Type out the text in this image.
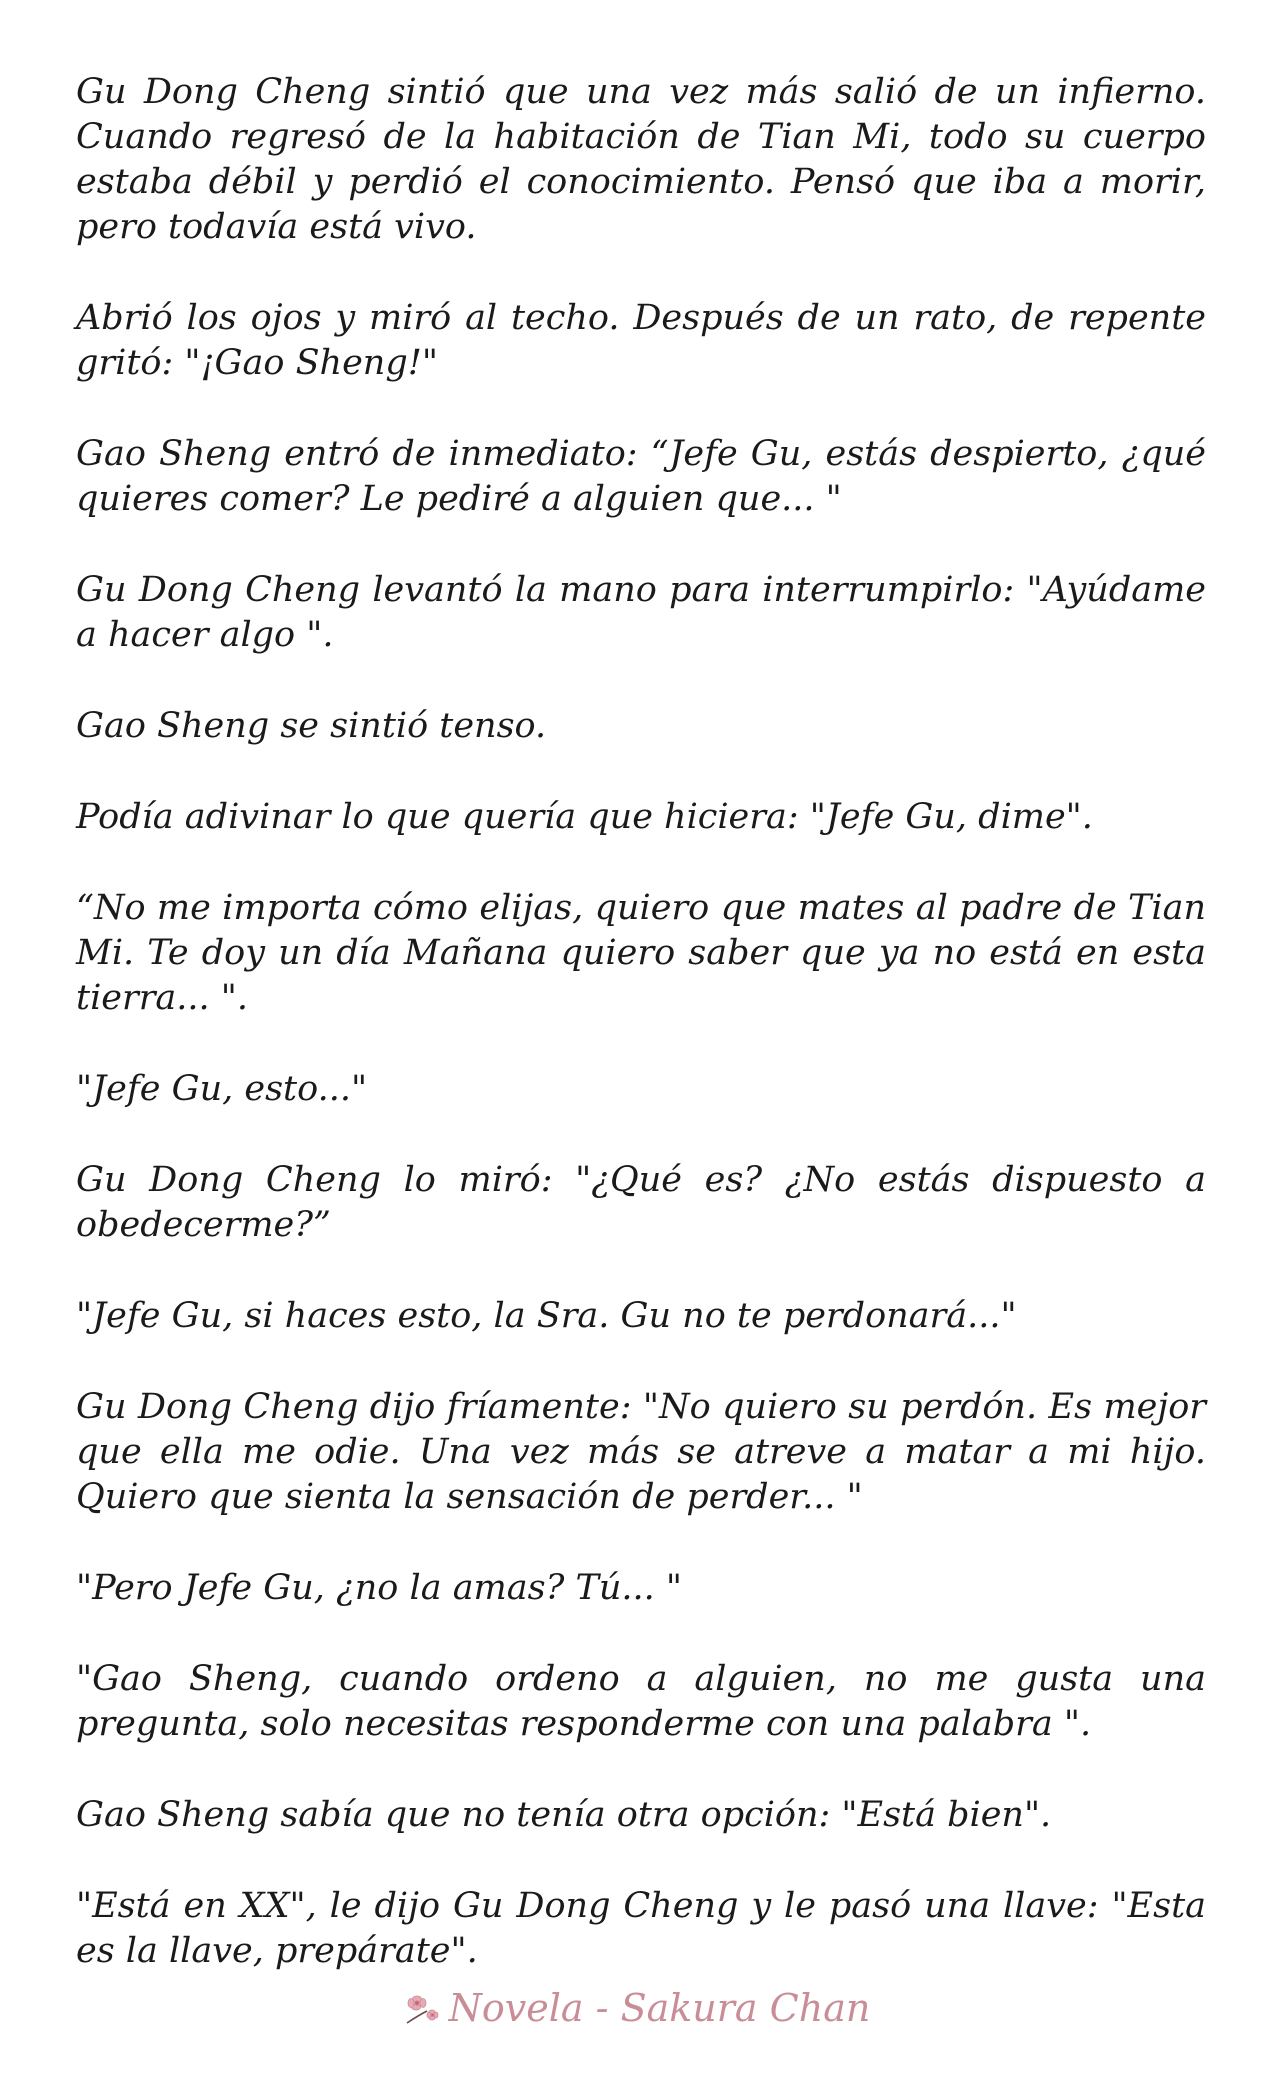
Gu Dong Cheng sintió que una vez más salió de un infierno. Cuando regresó de la habitación de Tian Mi, todo su cuerpo estaba débil y perdió el conocimiento. Pensó que iba a morir, pero todavía está vivo.

Abrió los ojos y miró al techo. Después de un rato, de repente gritó: "¡Gao Sheng!"

Gao Sheng entró de inmediato: “Jefe Gu, estás despierto, ¿qué quieres comer? Le pediré a alguien que... "

Gu Dong Cheng levantó la mano para interrumpirlo: "Ayúdame a hacer algo ".

Gao Sheng se sintió tenso.

Podía adivinar lo que quería que hiciera: "Jefe Gu, dime".

“No me importa cómo elijas, quiero que mates al padre de Tian Mi. Te doy un día Mañana quiero saber que ya no está en esta tierra... ".

"Jefe Gu, esto..."

Gu Dong Cheng lo miró: "¿Qué es? ¿No estás dispuesto a obedecerme?”

"Jefe Gu, si haces esto, la Sra. Gu no te perdonará..."

Gu Dong Cheng dijo fríamente: "No quiero su perdón. Es mejor que ella me odie. Una vez más se atreve a matar a mi hijo. Quiero que sienta la sensación de perder... "

"Pero Jefe Gu, ¿no la amas? Tú... "

"Gao Sheng, cuando ordeno a alguien, no me gusta una pregunta, solo necesitas responderme con una palabra ".

Gao Sheng sabía que no tenía otra opción: "Está bien".

"Está en XX", le dijo Gu Dong Cheng y le pasó una llave: "Esta es la llave, prepárate".

Novela - Sakura Chan
